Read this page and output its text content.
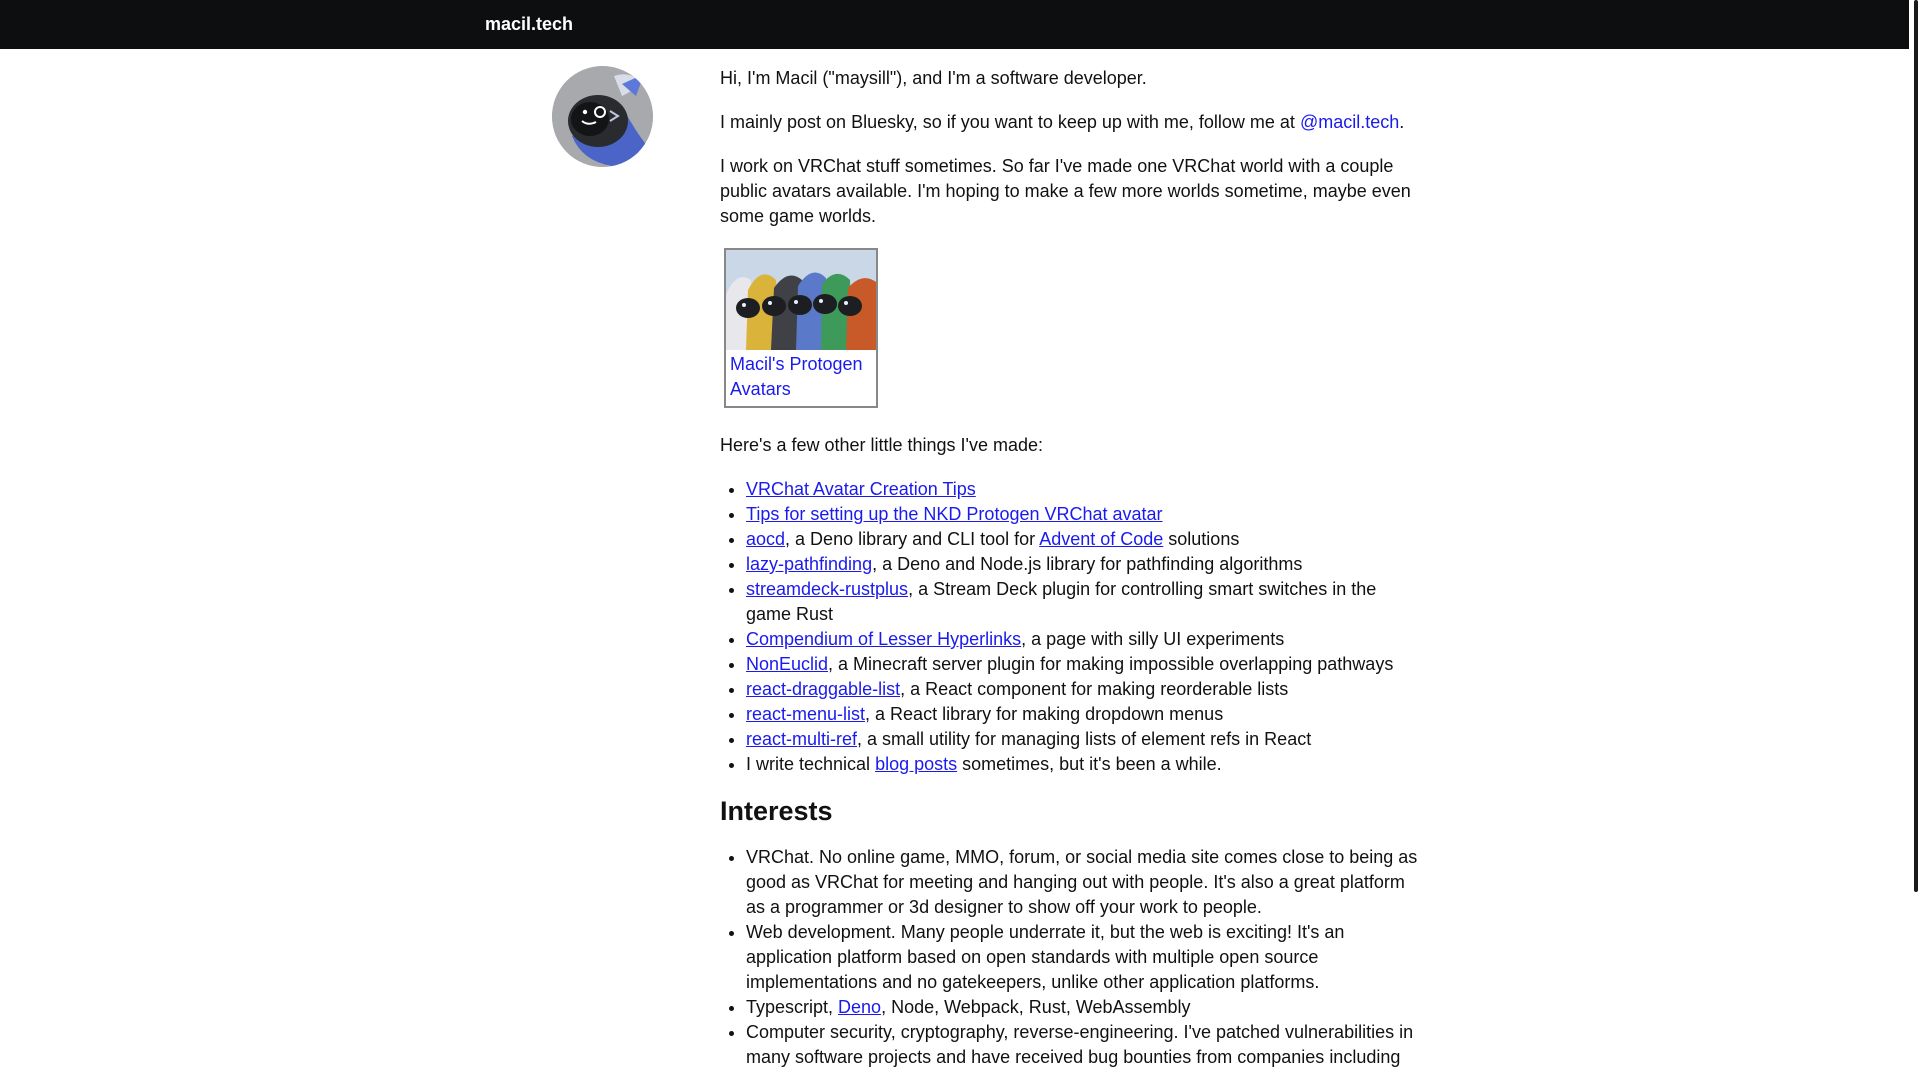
macil.tech

Hi, I'm Macil ("maysill"), and I'm a software developer.

I mainly post on Bluesky, so if you want to keep up with me, follow me at @macil.tech.

I work on VRChat stuff sometimes. So far I've made one VRChat world with a couple public avatars available. I'm hoping to make a few more worlds sometime, maybe even some game worlds.

Macil's Protogen Avatars

Here's a few other little things I've made:

• VRChat Avatar Creation Tips
• Tips for setting up the NKD Protogen VRChat avatar
• aocd, a Deno library and CLI tool for Advent of Code solutions
• lazy-pathfinding, a Deno and Node.js library for pathfinding algorithms
• streamdeck-rustplus, a Stream Deck plugin for controlling smart switches in the game Rust
• Compendium of Lesser Hyperlinks, a page with silly UI experiments
• NonEuclid, a Minecraft server plugin for making impossible overlapping pathways
• react-draggable-list, a React component for making reorderable lists
• react-menu-list, a React library for making dropdown menus
• react-multi-ref, a small utility for managing lists of element refs in React
• I write technical blog posts sometimes, but it's been a while.
Interests
• VRChat. No online game, MMO, forum, or social media site comes close to being as good as VRChat for meeting and hanging out with people. It's also a great platform as a programmer or 3d designer to show off your work to people.
• Web development. Many people underrate it, but the web is exciting! It's an application platform based on open standards with multiple open source implementations and no gatekeepers, unlike other application platforms.
• Typescript, Deno, Node, Webpack, Rust, WebAssembly
• Computer security, cryptography, reverse-engineering. I've patched vulnerabilities in many software projects and have received bug bounties from companies including
